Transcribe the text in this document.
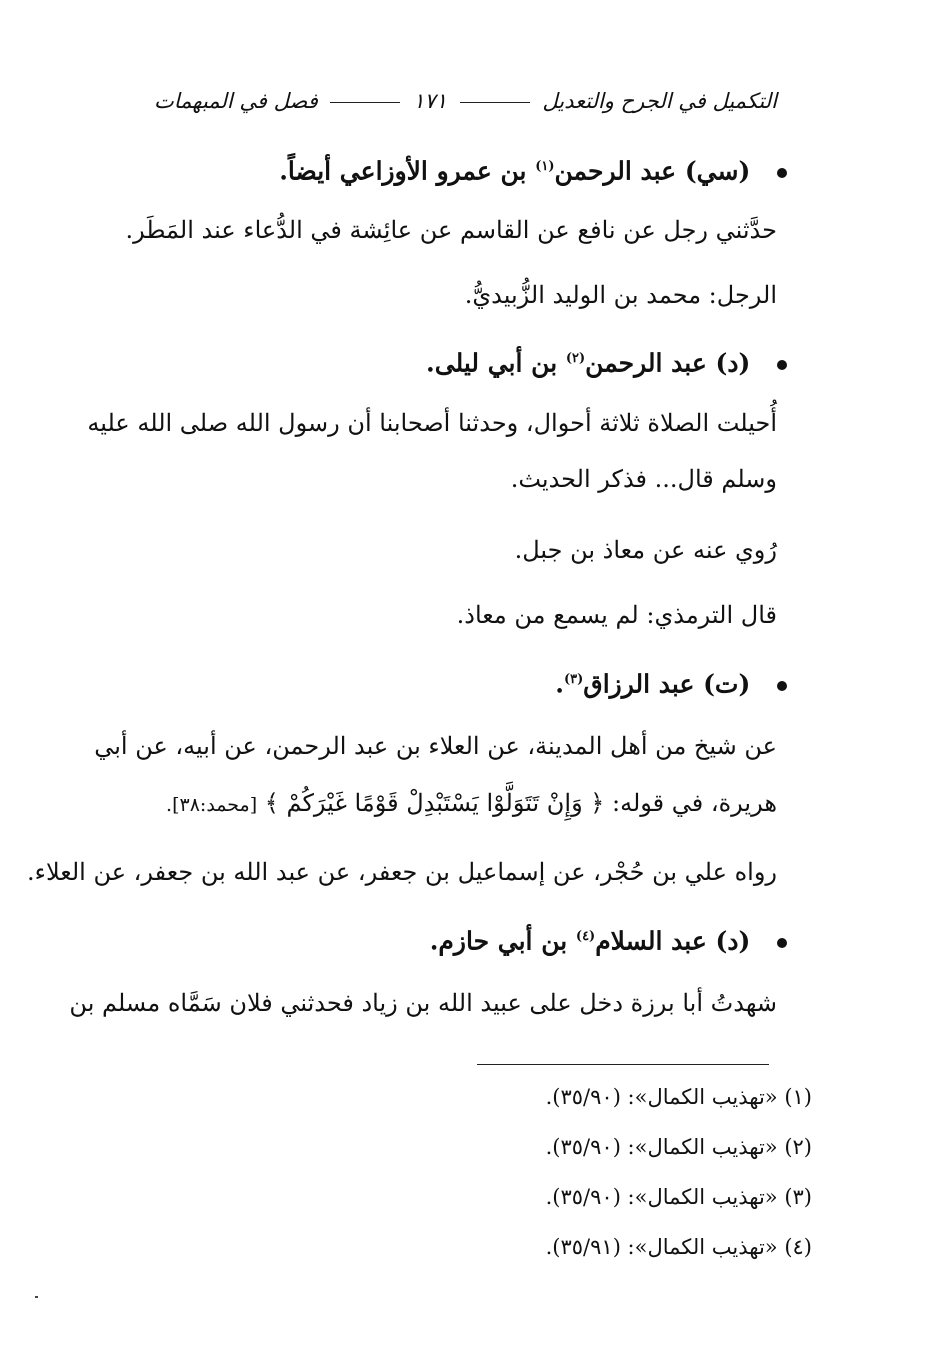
التكميل في الجرح والتعديل  ١٧١  فصل في المبهمات
(سي) عبد الرحمن$^{(١)}$ بن عمرو الأوزاعي أيضاً.
حدَّثني رجل عن نافع عن القاسم عن عائِشة في الدُّعاء عند المَطَر.
الرجل: محمد بن الوليد الزُّبيديُّ.
(د) عبد الرحمن$^{(٢)}$ بن أبي ليلى.
أُحيلت الصلاة ثلاثة أحوال، وحدثنا أصحابنا أن رسول الله صلى الله عليه
وسلم قال... فذكر الحديث.
رُوي عنه عن معاذ بن جبل.
قال الترمذي: لم يسمع من معاذ.
(ت) عبد الرزاق$^{(٣)}$.
عن شيخ من أهل المدينة، عن العلاء بن عبد الرحمن، عن أبيه، عن أبي
هريرة، في قوله: ﴿ وَإِنْ تَتَوَلَّوْا يَسْتَبْدِلْ قَوْمًا غَيْرَكُمْ ﴾ [محمد:٣٨].
رواه علي بن حُجْر، عن إسماعيل بن جعفر، عن عبد الله بن جعفر، عن العلاء.
(د) عبد السلام$^{(٤)}$ بن أبي حازم.
شهدتُ أبا برزة دخل على عبيد الله بن زياد فحدثني فلان سَمَّاه مسلم بن
(١) «تهذيب الكمال»: (٣٥/٩٠).
(٢) «تهذيب الكمال»: (٣٥/٩٠).
(٣) «تهذيب الكمال»: (٣٥/٩٠).
(٤) «تهذيب الكمال»: (٣٥/٩١).
